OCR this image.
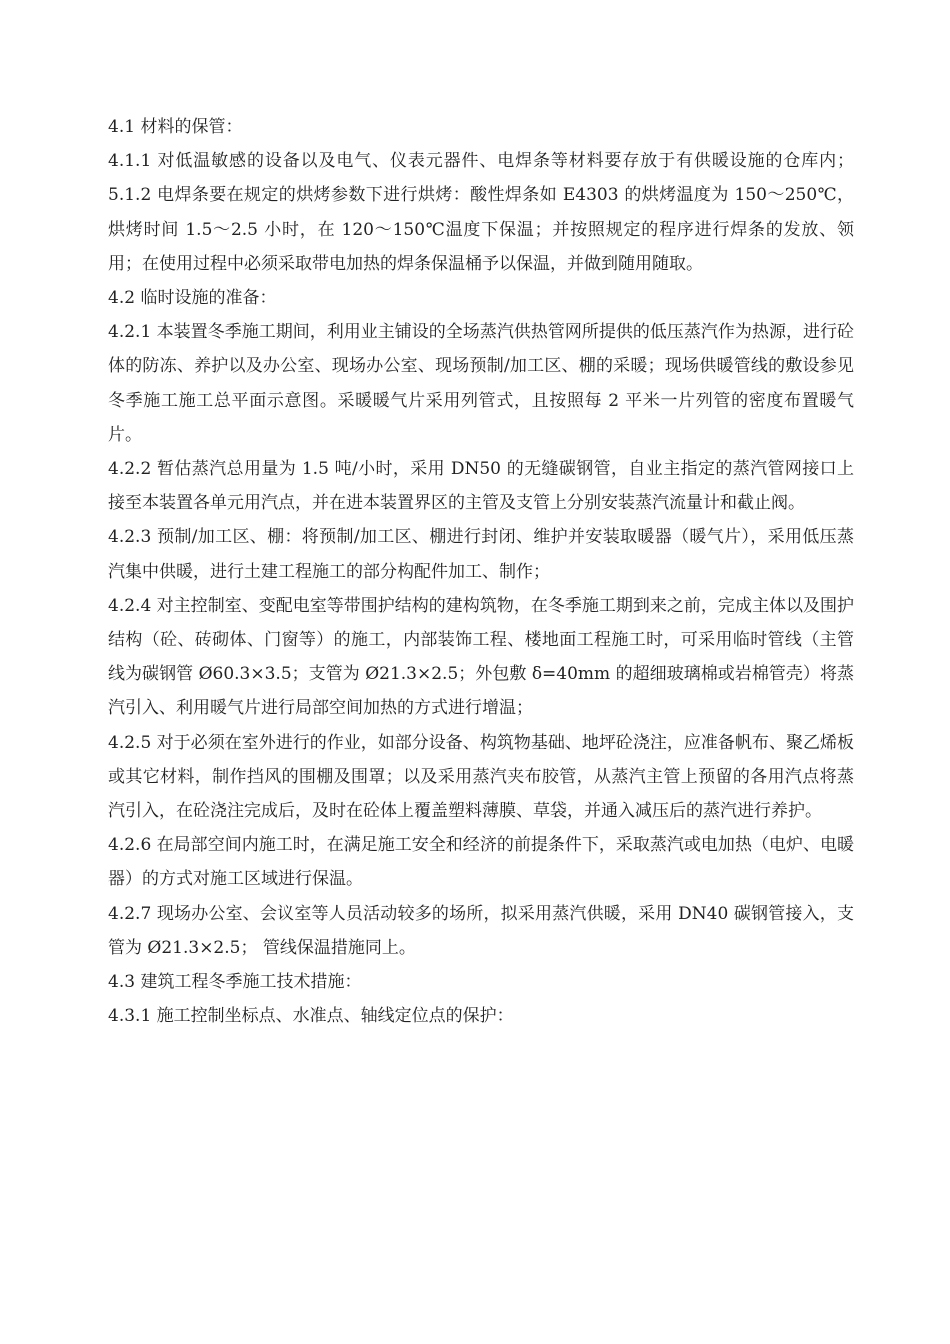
4.1 材料的保管：

4.1.1 对低温敏感的设备以及电气、仪表元器件、电焊条等材料要存放于有供暖设施的仓库内；5.1.2 电焊条要在规定的烘烤参数下进行烘烤：酸性焊条如 E4303 的烘烤温度为 150～250℃，烘烤时间 1.5～2.5 小时，在 120～150℃温度下保温；并按照规定的程序进行焊条的发放、领用；在使用过程中必须采取带电加热的焊条保温桶予以保温，并做到随用随取。

4.2 临时设施的准备：

4.2.1 本装置冬季施工期间，利用业主铺设的全场蒸汽供热管网所提供的低压蒸汽作为热源，进行砼体的防冻、养护以及办公室、现场办公室、现场预制/加工区、棚的采暖；现场供暖管线的敷设参见冬季施工施工总平面示意图。采暖暖气片采用列管式，且按照每 2 平米一片列管的密度布置暖气片。

4.2.2 暂估蒸汽总用量为 1.5 吨/小时，采用 DN50 的无缝碳钢管，自业主指定的蒸汽管网接口上接至本装置各单元用汽点，并在进本装置界区的主管及支管上分别安装蒸汽流量计和截止阀。

4.2.3 预制/加工区、棚：将预制/加工区、棚进行封闭、维护并安装取暖器（暖气片），采用低压蒸汽集中供暖，进行土建工程施工的部分构配件加工、制作；

4.2.4 对主控制室、变配电室等带围护结构的建构筑物，在冬季施工期到来之前，完成主体以及围护结构（砼、砖砌体、门窗等）的施工，内部装饰工程、楼地面工程施工时，可采用临时管线（主管线为碳钢管 Ø60.3×3.5；支管为 Ø21.3×2.5；外包敷 δ=40mm 的超细玻璃棉或岩棉管壳）将蒸汽引入、利用暖气片进行局部空间加热的方式进行增温；

4.2.5 对于必须在室外进行的作业，如部分设备、构筑物基础、地坪砼浇注，应准备帆布、聚乙烯板或其它材料，制作挡风的围棚及围罩；以及采用蒸汽夹布胶管，从蒸汽主管上预留的各用汽点将蒸汽引入，在砼浇注完成后，及时在砼体上覆盖塑料薄膜、草袋，并通入减压后的蒸汽进行养护。

4.2.6 在局部空间内施工时，在满足施工安全和经济的前提条件下，采取蒸汽或电加热（电炉、电暖器）的方式对施工区域进行保温。

4.2.7 现场办公室、会议室等人员活动较多的场所，拟采用蒸汽供暖，采用 DN40 碳钢管接入，支管为 Ø21.3×2.5； 管线保温措施同上。

4.3 建筑工程冬季施工技术措施：

4.3.1 施工控制坐标点、水准点、轴线定位点的保护：
